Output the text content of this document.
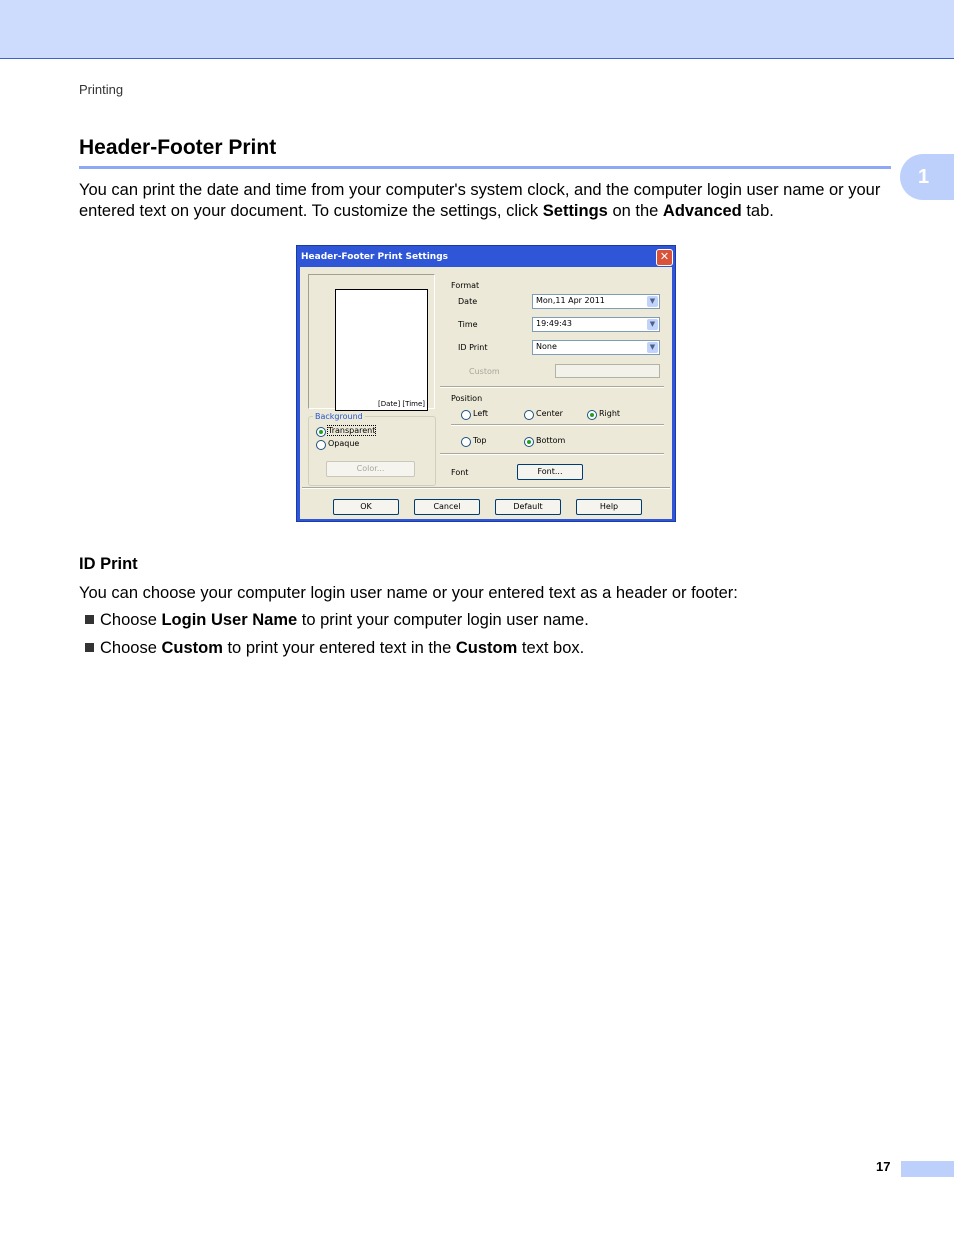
Printing
1
Header-Footer Print
You can print the date and time from your computer's system clock, and the computer login user name or your entered text on your document. To customize the settings, click Settings on the Advanced tab.
Header-Footer Print Settings	✕
[Date] [Time]
Background
Transparent
Opaque
Color...
Format
Date	Mon,11 Apr 2011	▼
Time	19:49:43	▼
ID Print	None	▼
Custom
Position
Left	Center	Right
Top	Bottom
Font	Font...
OK	Cancel	Default	Help
ID Print
You can choose your computer login user name or your entered text as a header or footer:
Choose Login User Name to print your computer login user name.
Choose Custom to print your entered text in the Custom text box.
17
